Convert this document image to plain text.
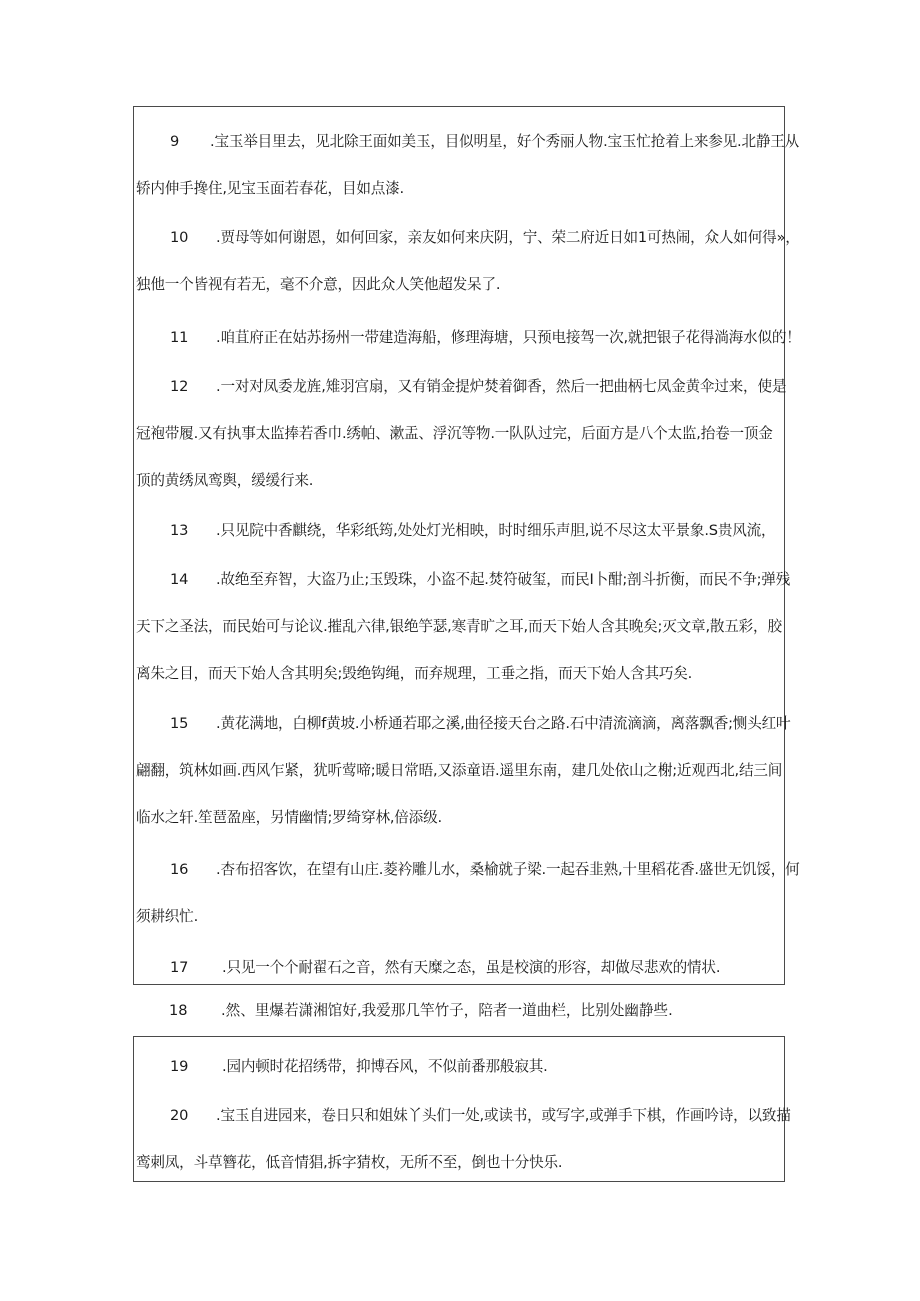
9 .宝玉举目里去，见北除王面如美玉，目似明星，好个秀丽人物.宝玉忙抢着上来参见.北静王从
轿内伸手搀住,见宝玉面若春花，目如点漆.
10 .贾母等如何谢恩，如何回家，亲友如何来庆阴，宁、荣二府近日如1可热闹，众人如何得»，
独他一个皆视有若无，毫不介意，因此众人笑他超发呆了.
11 .咱苴府正在姑苏扬州一带建造海船，修理海塘，只预电接驾一次,就把银子花得淌海水似的！
12 .一对对凤委龙旌,雉羽宫扇，又有销金提炉焚着御香，然后一把曲柄七凤金黄伞过来，使是
冠袍带履.又有执事太监捧若香巾.绣帕、漱盂、浮沉等物.一队队过完，后面方是八个太监,抬卷一顶金
顶的黄绣凤鸾舆，缓缓行来.
13 .只见院中香麒绕，华彩纸筠,处处灯光相映，时时细乐声胆,说不尽这太平景象.S贵风流，
14 .故绝至弃智，大盗乃止;玉毁珠，小盗不起.焚符破玺，而民I卜酣;剖斗折衡，而民不争;弹残
天下之圣法，而民始可与论议.摧乱六律,银绝竽瑟,寒青旷之耳,而天下始人含其晚矣;灭文章,散五彩，胶
离朱之目，而天下始人含其明矣;毁绝钩绳，而弃规理，工垂之指，而天下始人含其巧矣.
15 .黄花满地，白柳f黄坡.小桥通若耶之溪,曲径接天台之路.石中清流滴滴，离落飘香;恻头红叶
翩翻，筑林如画.西风乍紧，犹听莺啼;暖日常晤,又添童语.遥里东南，建几处依山之榭;近观西北,结三间
临水之轩.笙琶盈座，另情幽情;罗绮穿林,倍添级.
16 .杏布招客饮，在望有山庄.菱衿雕儿水，桑榆就子梁.一起吞韭熟,十里稻花香.盛世无饥馁，何
须耕织忙.
17 .只见一个个耐翟石之音，然有天糜之态，虽是校演的形容，却做尽悲欢的情状.
18 .然、里爆若潇湘馆好,我爱那几竿竹子，陪者一道曲栏，比别处幽静些.
19 .园内顿时花招绣带，抑博吞风，不似前番那般寂其.
20 .宝玉自进园来，卷日只和姐妹丫头们一处,或读书，或写字,或弹手下棋，作画吟诗，以致描
鸾刺凤，斗草簪花，低音情猖,拆字猜枚，无所不至，倒也十分快乐.
